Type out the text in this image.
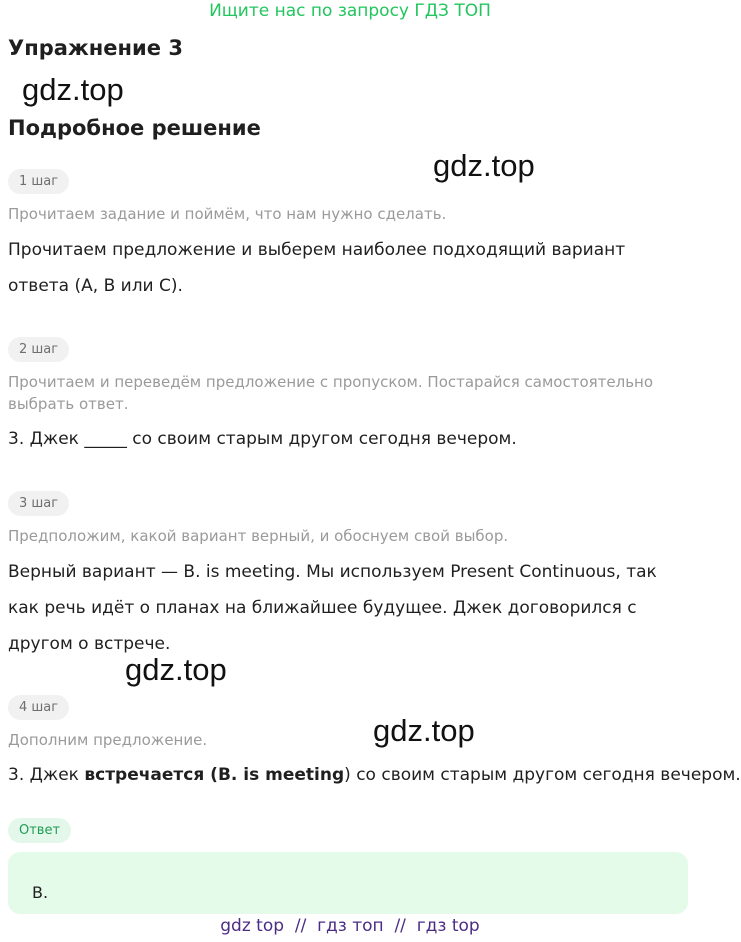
Ищите нас по запросу ГДЗ ТОП
Упражнение 3
gdz.top
Подробное решение
gdz.top
1 шаг
Прочитаем задание и поймём, что нам нужно сделать.
Прочитаем предложение и выберем наиболее подходящий вариант ответа (A, B или C).
2 шаг
Прочитаем и переведём предложение с пропуском. Постарайся самостоятельно выбрать ответ.
3. Джек _____ со своим старым другом сегодня вечером.
3 шаг
Предположим, какой вариант верный, и обоснуем свой выбор.
Верный вариант — B. is meeting. Мы используем Present Continuous, так как речь идёт о планах на ближайшее будущее. Джек договорился с другом о встрече.
gdz.top
4 шаг
Дополним предложение.	gdz.top
3. Джек встречается (B. is meeting) со своим старым другом сегодня вечером.
Ответ
B.
gdz top  //  гдз топ  //  гдз top
